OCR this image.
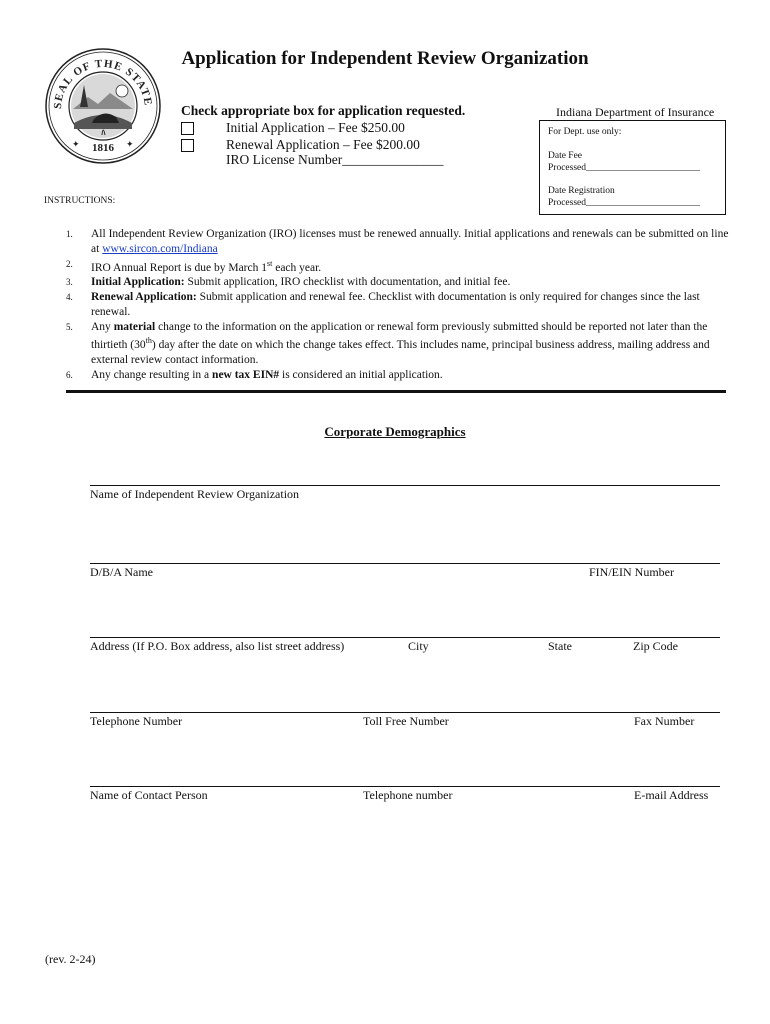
SEAL OF THE STATE
1816
✦	✦
Application for Independent Review Organization
Check appropriate box for application requested.
Initial Application – Fee $250.00
Renewal Application – Fee $200.00
IRO License Number_______________
Indiana Department of Insurance
For Dept. use only:
Date Fee
Processed________________________
Date Registration
Processed________________________
INSTRUCTIONS:
1.	All Independent Review Organization (IRO) licenses must be renewed annually. Initial applications and renewals can be submitted on line at www.sircon.com/Indiana
2.	IRO Annual Report is due by March 1st each year.
3.	Initial Application: Submit application, IRO checklist with documentation, and initial fee.
4.	Renewal Application: Submit application and renewal fee. Checklist with documentation is only required for changes since the last renewal.
5.	Any material change to the information on the application or renewal form previously submitted should be reported not later than the thirtieth (30th) day after the date on which the change takes effect. This includes name, principal business address, mailing address and external review contact information.
6.	Any change resulting in a new tax EIN# is considered an initial application.
Corporate Demographics
Name of Independent Review Organization
D/B/A Name	FIN/EIN Number
Address (If P.O. Box address, also list street address)	City	State	Zip Code
Telephone Number	Toll Free Number	Fax Number
Name of Contact Person	Telephone number	E-mail Address
(rev. 2-24)
